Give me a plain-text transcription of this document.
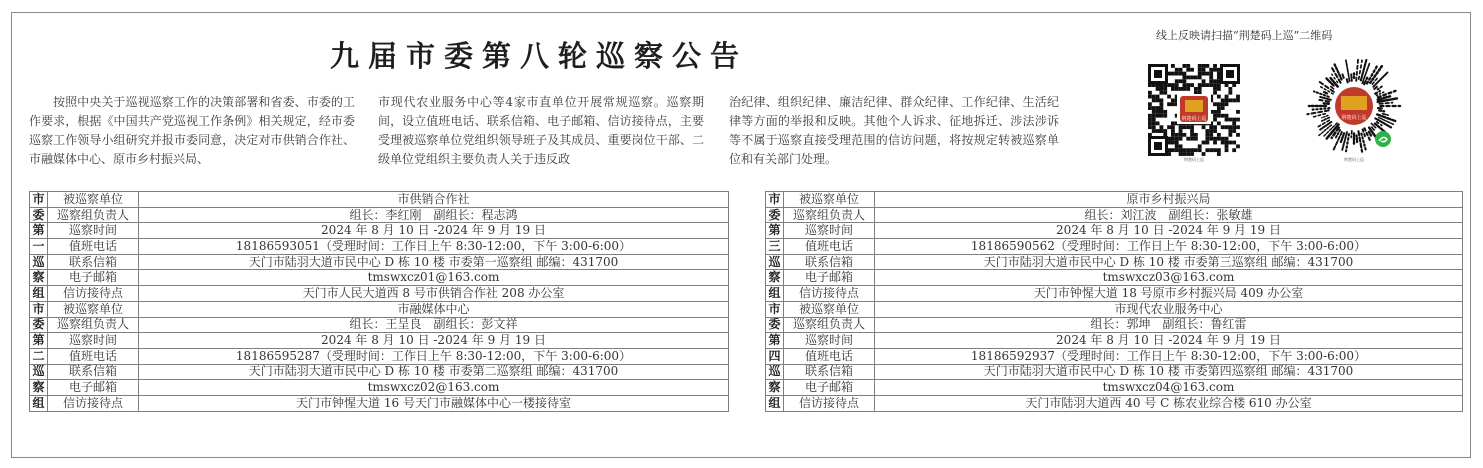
九届市委第八轮巡察公告
按照中央关于巡视巡察工作的决策部署和省委、市委的工作要求，根据《中国共产党巡视工作条例》相关规定，经市委巡察工作领导小组研究并报市委同意，决定对市供销合作社、市融媒体中心、原市乡村振兴局、
市现代农业服务中心等4家市直单位开展常规巡察。巡察期间，设立值班电话、联系信箱、电子邮箱、信访接待点，主要受理被巡察单位党组织领导班子及其成员、重要岗位干部、二级单位党组织主要负责人关于违反政
治纪律、组织纪律、廉洁纪律、群众纪律、工作纪律、生活纪律等方面的举报和反映。其他个人诉求、征地拆迁、涉法涉诉等不属于巡察直接受理范围的信访问题，将按规定转被巡察单位和有关部门处理。
线上反映请扫描“荆楚码上巡”二维码
荆楚码上巡
荆楚码上巡
荆楚码上巡
荆楚码上巡
市	被巡察单位	市供销合作社
委	巡察组负责人	组长：李红刚　副组长：程志鸿
第	巡察时间	2024 年 8 月 10 日 -2024 年 9 月 19 日
一	值班电话	18186593051（受理时间：工作日上午 8:30-12:00，下午 3:00-6:00）
巡	联系信箱	天门市陆羽大道市民中心 D 栋 10 楼 市委第一巡察组 邮编：431700
察	电子邮箱	tmswxcz01@163.com
组	信访接待点	天门市人民大道西 8 号市供销合作社 208 办公室
市	被巡察单位	市融媒体中心
委	巡察组负责人	组长：王呈良　副组长：彭文祥
第	巡察时间	2024 年 8 月 10 日 -2024 年 9 月 19 日
二	值班电话	18186595287（受理时间：工作日上午 8:30-12:00，下午 3:00-6:00）
巡	联系信箱	天门市陆羽大道市民中心 D 栋 10 楼 市委第二巡察组 邮编：431700
察	电子邮箱	tmswxcz02@163.com
组	信访接待点	天门市钟惺大道 16 号天门市融媒体中心一楼接待室
市	被巡察单位	原市乡村振兴局
委	巡察组负责人	组长：刘江波　副组长：张敏雄
第	巡察时间	2024 年 8 月 10 日 -2024 年 9 月 19 日
三	值班电话	18186590562（受理时间：工作日上午 8:30-12:00，下午 3:00-6:00）
巡	联系信箱	天门市陆羽大道市民中心 D 栋 10 楼 市委第三巡察组 邮编：431700
察	电子邮箱	tmswxcz03@163.com
组	信访接待点	天门市钟惺大道 18 号原市乡村振兴局 409 办公室
市	被巡察单位	市现代农业服务中心
委	巡察组负责人	组长：郭坤　副组长：鲁红雷
第	巡察时间	2024 年 8 月 10 日 -2024 年 9 月 19 日
四	值班电话	18186592937（受理时间：工作日上午 8:30-12:00，下午 3:00-6:00）
巡	联系信箱	天门市陆羽大道市民中心 D 栋 10 楼 市委第四巡察组 邮编：431700
察	电子邮箱	tmswxcz04@163.com
组	信访接待点	天门市陆羽大道西 40 号 C 栋农业综合楼 610 办公室
